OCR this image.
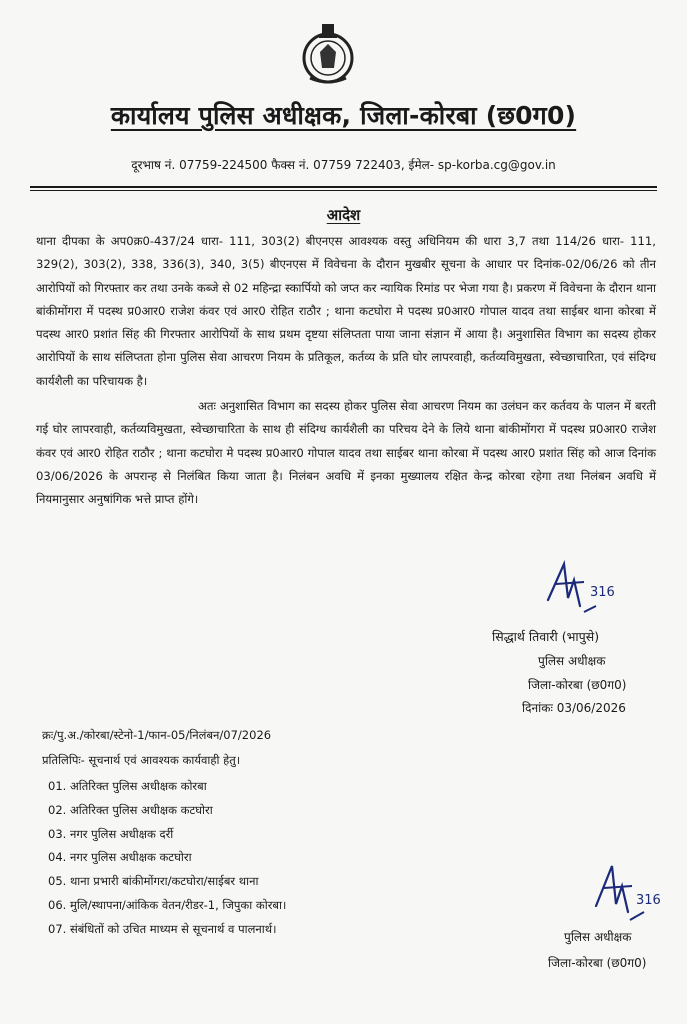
कार्यालय पुलिस अधीक्षक, जिला-कोरबा (छ0ग0)
दूरभाष नं. 07759-224500 फैक्स नं. 07759 722403, ईमेल- sp-korba.cg@gov.in
आदेश

थाना दीपका के अप0क्र0-437/24 धारा- 111, 303(2) बीएनएस आवश्यक वस्तु अधिनियम की धारा 3,7 तथा 114/26 धारा- 111, 329(2), 303(2), 338, 336(3), 340, 3(5) बीएनएस में विवेचना के दौरान मुखबीर सूचना के आधार पर दिनांक-02/06/26 को तीन आरोपियों को गिरफ्तार कर तथा उनके कब्जे से 02 महिन्द्रा स्कार्पियो को जप्त कर न्यायिक रिमांड पर भेजा गया है। प्रकरण में विवेचना के दौरान थाना बांकीमोंगरा में पदस्थ प्र0आर0 राजेश कंवर एवं आर0 रोहित राठौर ; थाना कटघोरा मे पदस्थ प्र0आर0 गोपाल यादव तथा साईबर थाना कोरबा में पदस्थ आर0 प्रशांत सिंह की गिरफ्तार आरोपियों के साथ प्रथम दृष्टया संलिप्तता पाया जाना संज्ञान में आया है। अनुशासित विभाग का सदस्य होकर आरोपियों के साथ संलिप्तता होना पुलिस सेवा आचरण नियम के प्रतिकूल, कर्तव्य के प्रति घोर लापरवाही, कर्तव्यविमुखता, स्वेच्छाचारिता, एवं संदिग्ध कार्यशैली का परिचायक है।

अतः अनुशासित विभाग का सदस्य होकर पुलिस सेवा आचरण नियम का उलंघन कर कर्तवय के पालन में बरती गई घोर लापरवाही, कर्तव्यविमुखता, स्वेच्छाचारिता के साथ ही संदिग्ध कार्यशैली का परिचय देने के लिये थाना बांकीमोंगरा में पदस्थ प्र0आर0 राजेश कंवर एवं आर0 रोहित राठौर ; थाना कटघोरा मे पदस्थ प्र0आर0 गोपाल यादव तथा साईबर थाना कोरबा में पदस्थ आर0 प्रशांत सिंह को आज दिनांक 03/06/2026 के अपरान्ह से निलंबित किया जाता है। निलंबन अवधि में इनका मुख्यालय रक्षित केन्द्र कोरबा रहेगा तथा निलंबन अवधि में नियमानुसार अनुषांगिक भत्ते प्राप्त होंगे।

316
सिद्धार्थ तिवारी (भापुसे)
पुलिस अधीक्षक
जिला-कोरबा (छ0ग0)
दिनांकः 03/06/2026
क्रः/पु.अ./कोरबा/स्टेनो-1/फान-05/निलंबन/07/2026
प्रतिलिपिः- सूचनार्थ एवं आवश्यक कार्यवाही हेतु।
01. अतिरिक्त पुलिस अधीक्षक कोरबा
02. अतिरिक्त पुलिस अधीक्षक कटघोरा
03. नगर पुलिस अधीक्षक दर्री
04. नगर पुलिस अधीक्षक कटघोरा
05. थाना प्रभारी बांकीमोंगरा/कटघोरा/साईबर थाना
06. मुलि/स्थापना/आंकिक वेतन/रीडर-1, जिपुका कोरबा।
07. संबंधितों को उचित माध्यम से सूचनार्थ व पालनार्थ।
316
पुलिस अधीक्षक
जिला-कोरबा (छ0ग0)
